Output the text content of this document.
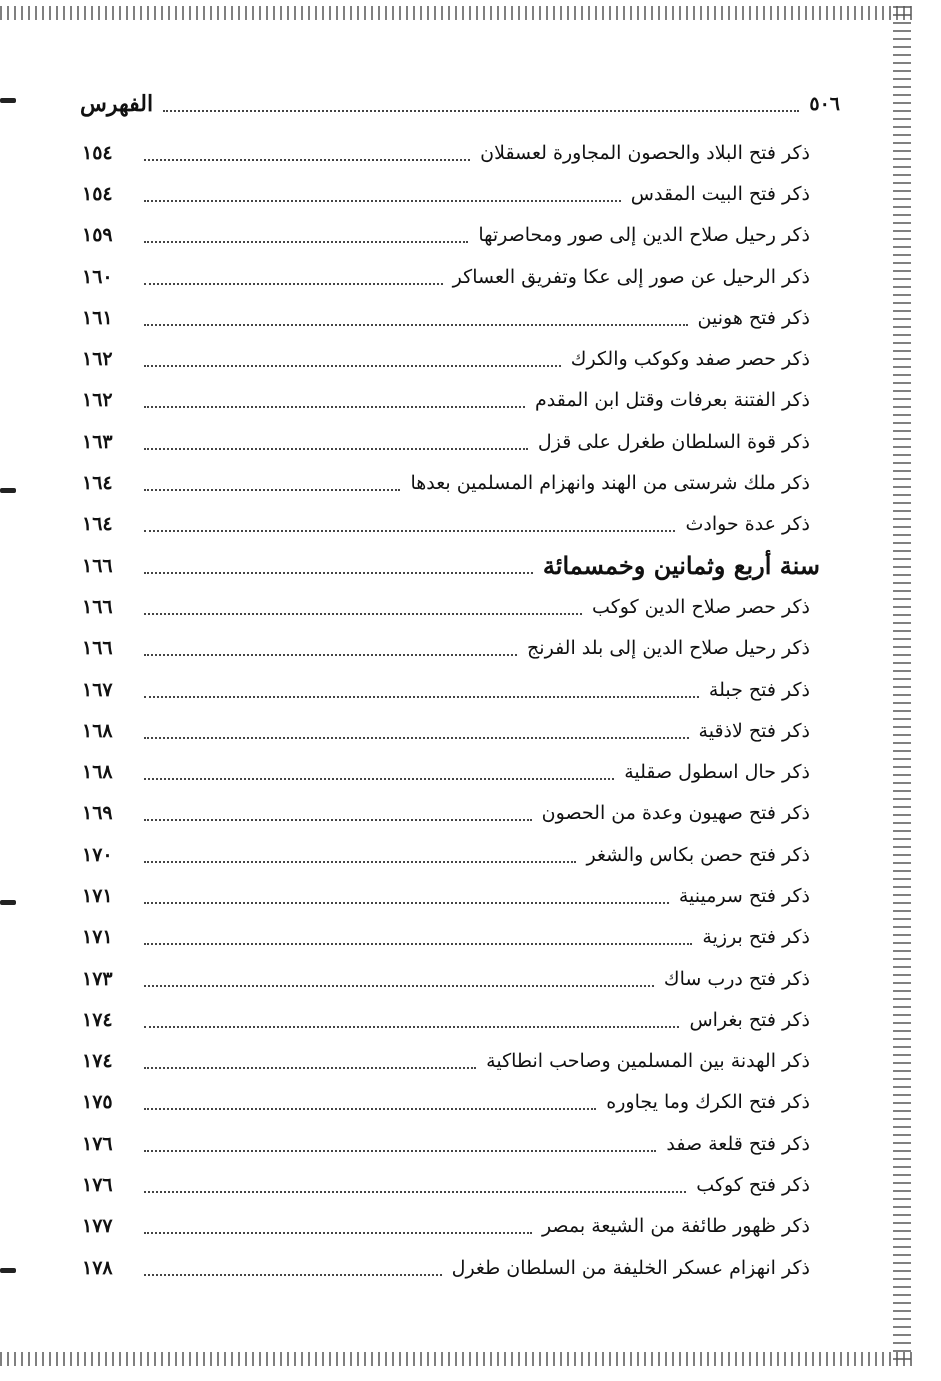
٥٠٦
الفهرس
ذكر فتح البلاد والحصون المجاورة لعسقلان
١٥٤
ذكر فتح البيت المقدس
١٥٤
ذكر رحيل صلاح الدين إلى صور ومحاصرتها
١٥٩
ذكر الرحيل عن صور إلى عكا وتفريق العساكر
١٦٠
ذكر فتح هونين
١٦١
ذكر حصر صفد وكوكب والكرك
١٦٢
ذكر الفتنة بعرفات وقتل ابن المقدم
١٦٢
ذكر قوة السلطان طغرل على قزل
١٦٣
ذكر ملك شرستى من الهند وانهزام المسلمين بعدها
١٦٤
ذكر عدة حوادث
١٦٤
سنة أربع وثمانين وخمسمائة
١٦٦
ذكر حصر صلاح الدين كوكب
١٦٦
ذكر رحيل صلاح الدين إلى بلد الفرنج
١٦٦
ذكر فتح جبلة
١٦٧
ذكر فتح لاذقية
١٦٨
ذكر حال اسطول صقلية
١٦٨
ذكر فتح صهيون وعدة من الحصون
١٦٩
ذكر فتح حصن بكاس والشغر
١٧٠
ذكر فتح سرمينية
١٧١
ذكر فتح برزية
١٧١
ذكر فتح درب ساك
١٧٣
ذكر فتح بغراس
١٧٤
ذكر الهدنة بين المسلمين وصاحب انطاكية
١٧٤
ذكر فتح الكرك وما يجاوره
١٧٥
ذكر فتح قلعة صفد
١٧٦
ذكر فتح كوكب
١٧٦
ذكر ظهور طائفة من الشيعة بمصر
١٧٧
ذكر انهزام عسكر الخليفة من السلطان طغرل
١٧٨
